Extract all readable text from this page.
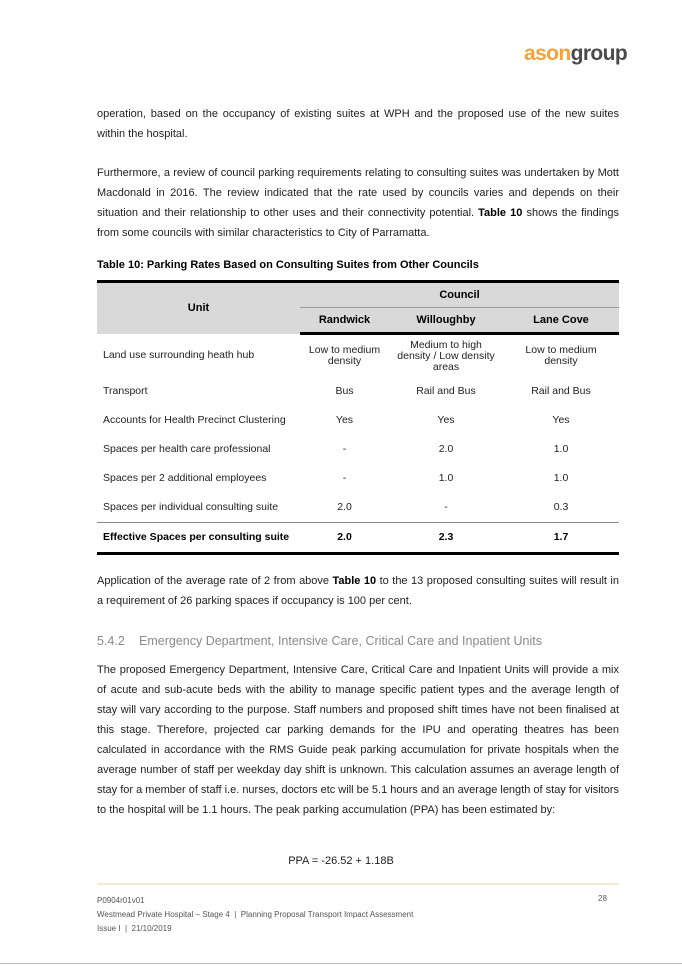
asongroup

operation, based on the occupancy of existing suites at WPH and the proposed use of the new suites within the hospital.

Furthermore, a review of council parking requirements relating to consulting suites was undertaken by Mott Macdonald in 2016. The review indicated that the rate used by councils varies and depends on their situation and their relationship to other uses and their connectivity potential. Table 10 shows the findings from some councils with similar characteristics to City of Parramatta.

Table 10: Parking Rates Based on Consulting Suites from Other Councils
Unit	Council		
	Randwick	Willoughby	Lane Cove
Land use surrounding heath hub	Low to medium density	Medium to high density / Low density areas	Low to medium density
Transport	Bus	Rail and Bus	Rail and Bus
Accounts for Health Precinct Clustering	Yes	Yes	Yes
Spaces per health care professional	-	2.0	1.0
Spaces per 2 additional employees	-	1.0	1.0
Spaces per individual consulting suite	2.0	-	0.3
Effective Spaces per consulting suite	2.0	2.3	1.7

Application of the average rate of 2 from above Table 10 to the 13 proposed consulting suites will result in a requirement of 26 parking spaces if occupancy is 100 per cent.

5.4.2 Emergency Department, Intensive Care, Critical Care and Inpatient Units

The proposed Emergency Department, Intensive Care, Critical Care and Inpatient Units will provide a mix of acute and sub-acute beds with the ability to manage specific patient types and the average length of stay will vary according to the purpose. Staff numbers and proposed shift times have not been finalised at this stage. Therefore, projected car parking demands for the IPU and operating theatres has been calculated in accordance with the RMS Guide peak parking accumulation for private hospitals when the average number of staff per weekday day shift is unknown. This calculation assumes an average length of stay for a member of staff i.e. nurses, doctors etc will be 5.1 hours and an average length of stay for visitors to the hospital will be 1.1 hours. The peak parking accumulation (PPA) has been estimated by:

PPA = -26.52 + 1.18B
P0904r01v01
Westmead Private Hospital – Stage 4  |  Planning Proposal Transport Impact Assessment
Issue I  |  21/10/2019
28
